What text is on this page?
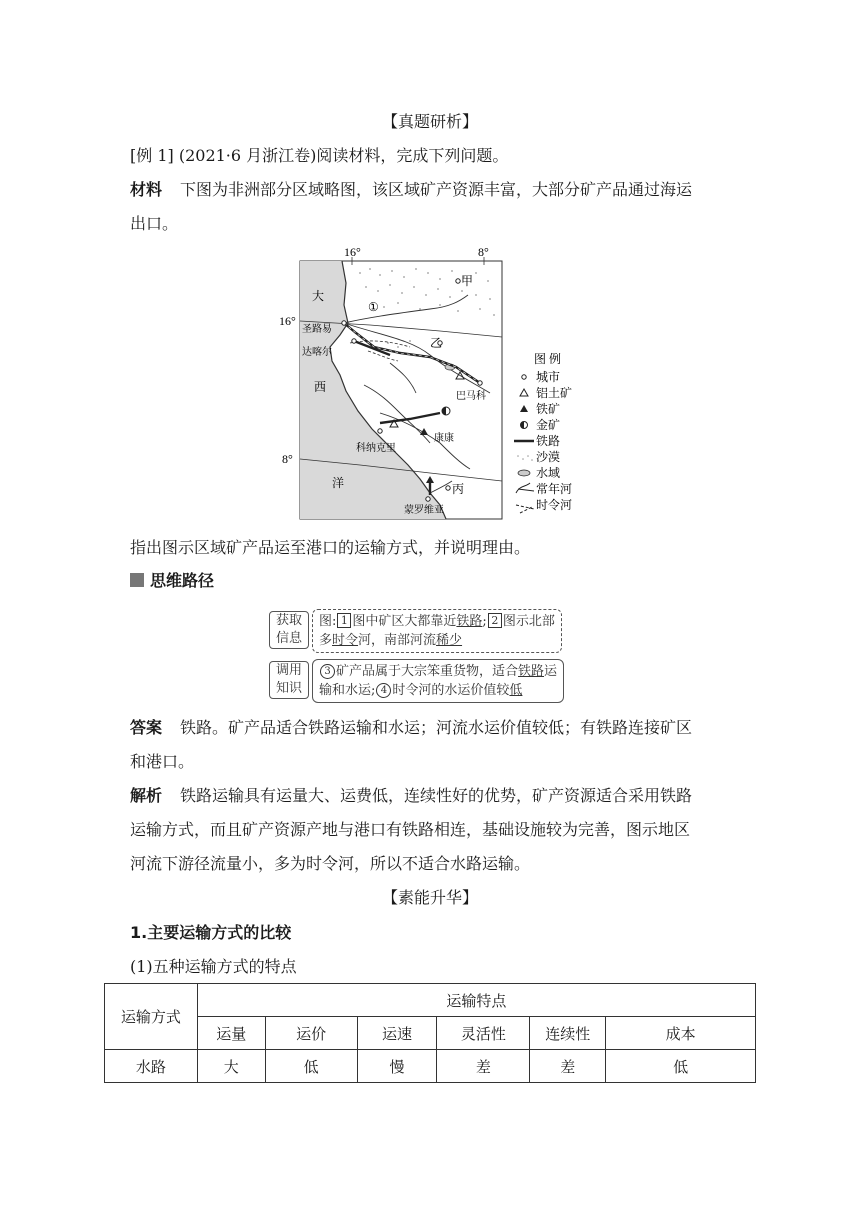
【真题研析】
[例 1] (2021·6 月浙江卷)阅读材料，完成下列问题。
材料 下图为非洲部分区域略图，该区域矿产资源丰富，大部分矿产品通过海运
出口。
16°	8°
16°
8°
大
西
洋
甲
①
圣路易
达喀尔
乙
巴马科
科纳克里
康康
丙
蒙罗维亚
图 例
城市
铝土矿
铁矿
金矿
铁路
沙漠
水域
常年河
时令河
指出图示区域矿产品运至港口的运输方式，并说明理由。
思维路径
获取
信息
图: 1 图中矿区大都靠近铁路; 2 图示北部
多时令河，南部河流稀少
调用
知识
3 矿产品属于大宗笨重货物，适合铁路运
输和水运; 4 时令河的水运价值较低
答案 铁路。矿产品适合铁路运输和水运；河流水运价值较低；有铁路连接矿区
和港口。
解析 铁路运输具有运量大、运费低，连续性好的优势，矿产资源适合采用铁路
运输方式，而且矿产资源产地与港口有铁路相连，基础设施较为完善，图示地区
河流下游径流量小，多为时令河，所以不适合水路运输。
【素能升华】
1.主要运输方式的比较
(1)五种运输方式的特点
运输方式	运输特点					
	运量	运价	运速	灵活性	连续性	成本
水路	大	低	慢	差	差	低
